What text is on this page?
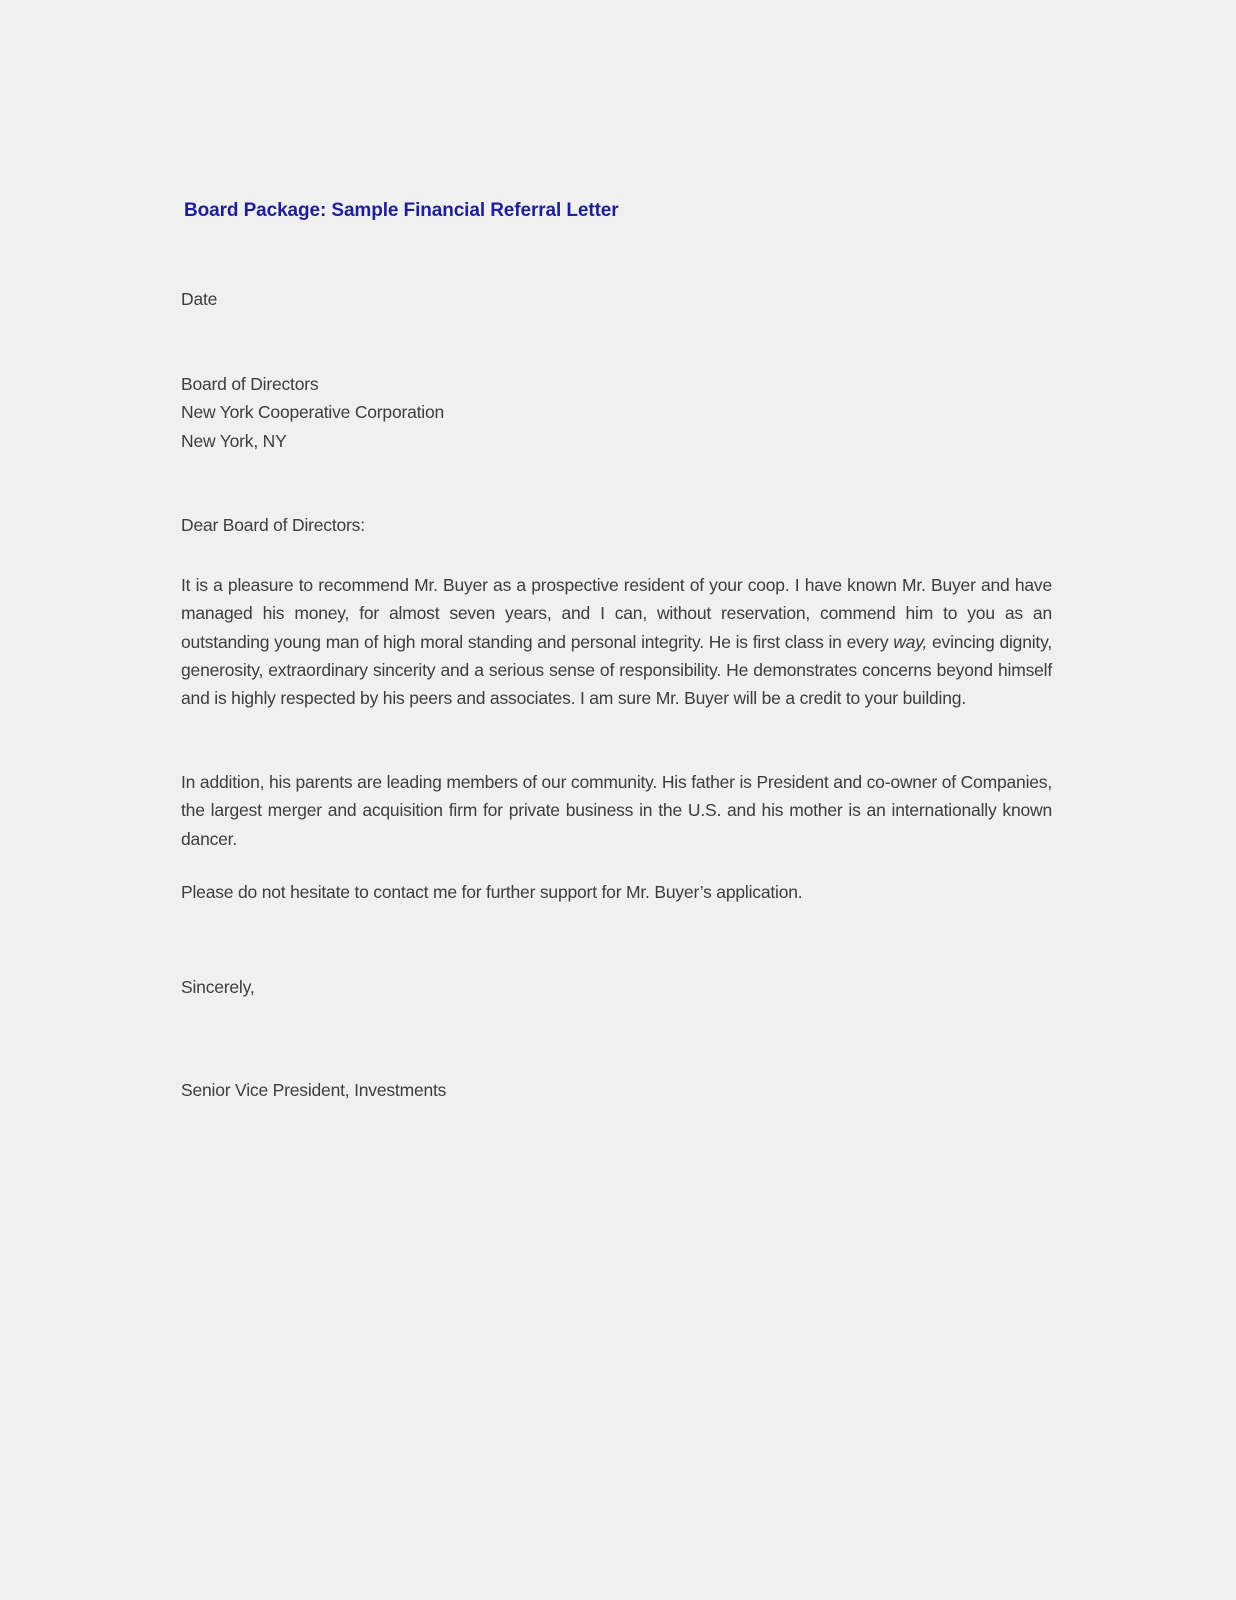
Board Package: Sample Financial Referral Letter
Date
Board of Directors
New York Cooperative Corporation
New York, NY
Dear Board of Directors:
It is a pleasure to recommend Mr. Buyer as a prospective resident of your coop. I have known Mr. Buyer and have managed his money, for almost seven years, and I can, without reservation, commend him to you as an outstanding young man of high moral standing and personal integrity. He is first class in every way, evincing dignity, generosity, extraordinary sincerity and a serious sense of responsibility. He demonstrates concerns beyond himself and is highly respected by his peers and associates. I am sure Mr. Buyer will be a credit to your building.
In addition, his parents are leading members of our community. His father is President and co-owner of Companies, the largest merger and acquisition firm for private business in the U.S. and his mother is an internationally known dancer.
Please do not hesitate to contact me for further support for Mr. Buyer’s application.
Sincerely,
Senior Vice President, Investments
